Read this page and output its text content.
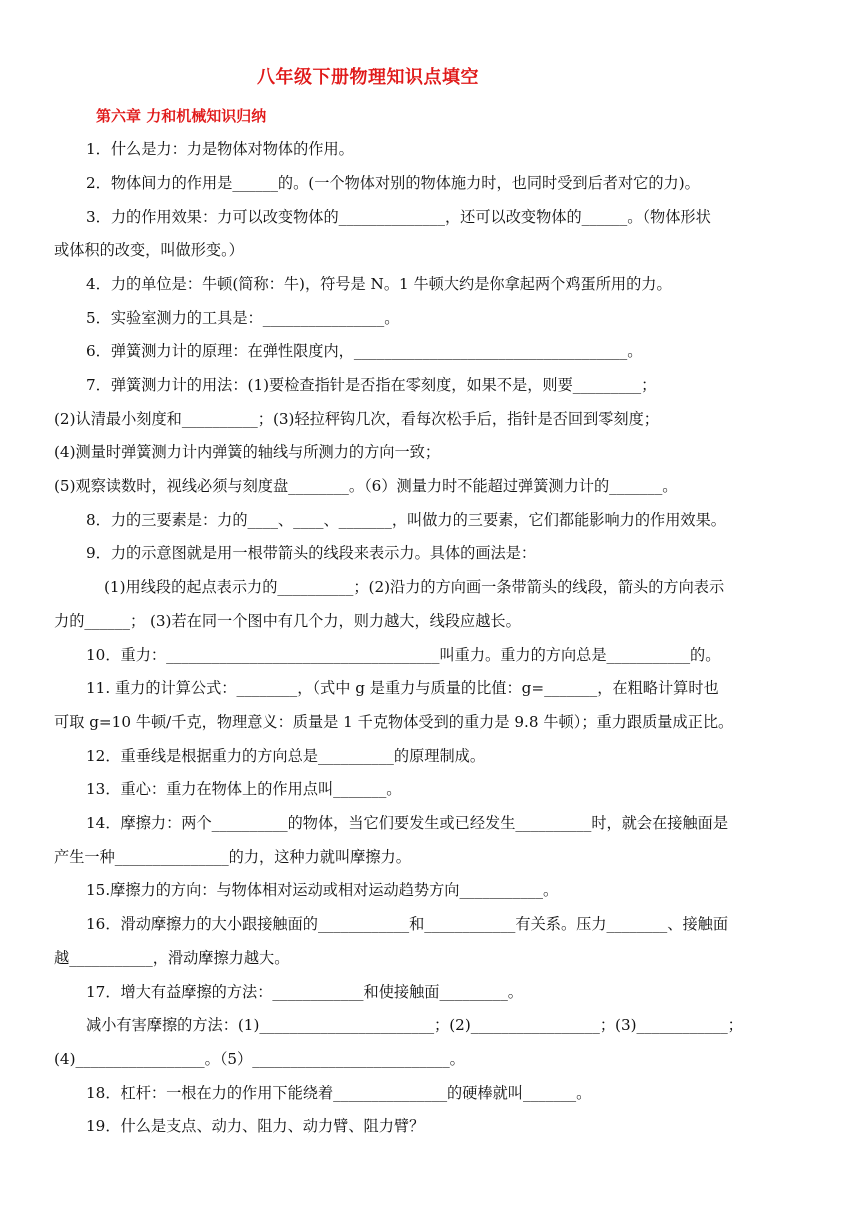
八年级下册物理知识点填空
第六章 力和机械知识归纳
1．什么是力：力是物体对物体的作用。
2．物体间力的作用是______的。(一个物体对别的物体施力时，也同时受到后者对它的力)。
3．力的作用效果：力可以改变物体的______________，还可以改变物体的______。（物体形状
或体积的改变，叫做形变。）
4．力的单位是：牛顿(简称：牛)，符号是 N。1 牛顿大约是你拿起两个鸡蛋所用的力。
5．实验室测力的工具是：________________。
6．弹簧测力计的原理：在弹性限度内，____________________________________。
7．弹簧测力计的用法：(1)要检查指针是否指在零刻度，如果不是，则要_________；
(2)认清最小刻度和__________；(3)轻拉秤钩几次，看每次松手后，指针是否回到零刻度；
(4)测量时弹簧测力计内弹簧的轴线与所测力的方向一致；
(5)观察读数时，视线必须与刻度盘________。（6）测量力时不能超过弹簧测力计的_______。
8．力的三要素是：力的____、____、_______，叫做力的三要素，它们都能影响力的作用效果。
9．力的示意图就是用一根带箭头的线段来表示力。具体的画法是：
(1)用线段的起点表示力的__________；(2)沿力的方向画一条带箭头的线段，箭头的方向表示
力的______； (3)若在同一个图中有几个力，则力越大，线段应越长。
10．重力：____________________________________叫重力。重力的方向总是___________的。
11. 重力的计算公式：________，（式中 g 是重力与质量的比值：g=_______，在粗略计算时也
可取 g=10 牛顿/千克，物理意义：质量是 1 千克物体受到的重力是 9.8 牛顿）；重力跟质量成正比。
12．重垂线是根据重力的方向总是__________的原理制成。
13．重心：重力在物体上的作用点叫_______。
14．摩擦力：两个__________的物体，当它们要发生或已经发生__________时，就会在接触面是
产生一种_______________的力，这种力就叫摩擦力。
15.摩擦力的方向：与物体相对运动或相对运动趋势方向___________。
16．滑动摩擦力的大小跟接触面的____________和____________有关系。压力________、接触面
越___________，滑动摩擦力越大。
17．增大有益摩擦的方法：____________和使接触面_________。
减小有害摩擦的方法：(1)_______________________；(2)_________________；(3)____________；
(4)_________________。（5）__________________________。
18．杠杆：一根在力的作用下能绕着_______________的硬棒就叫_______。
19．什么是支点、动力、阻力、动力臂、阻力臂？
